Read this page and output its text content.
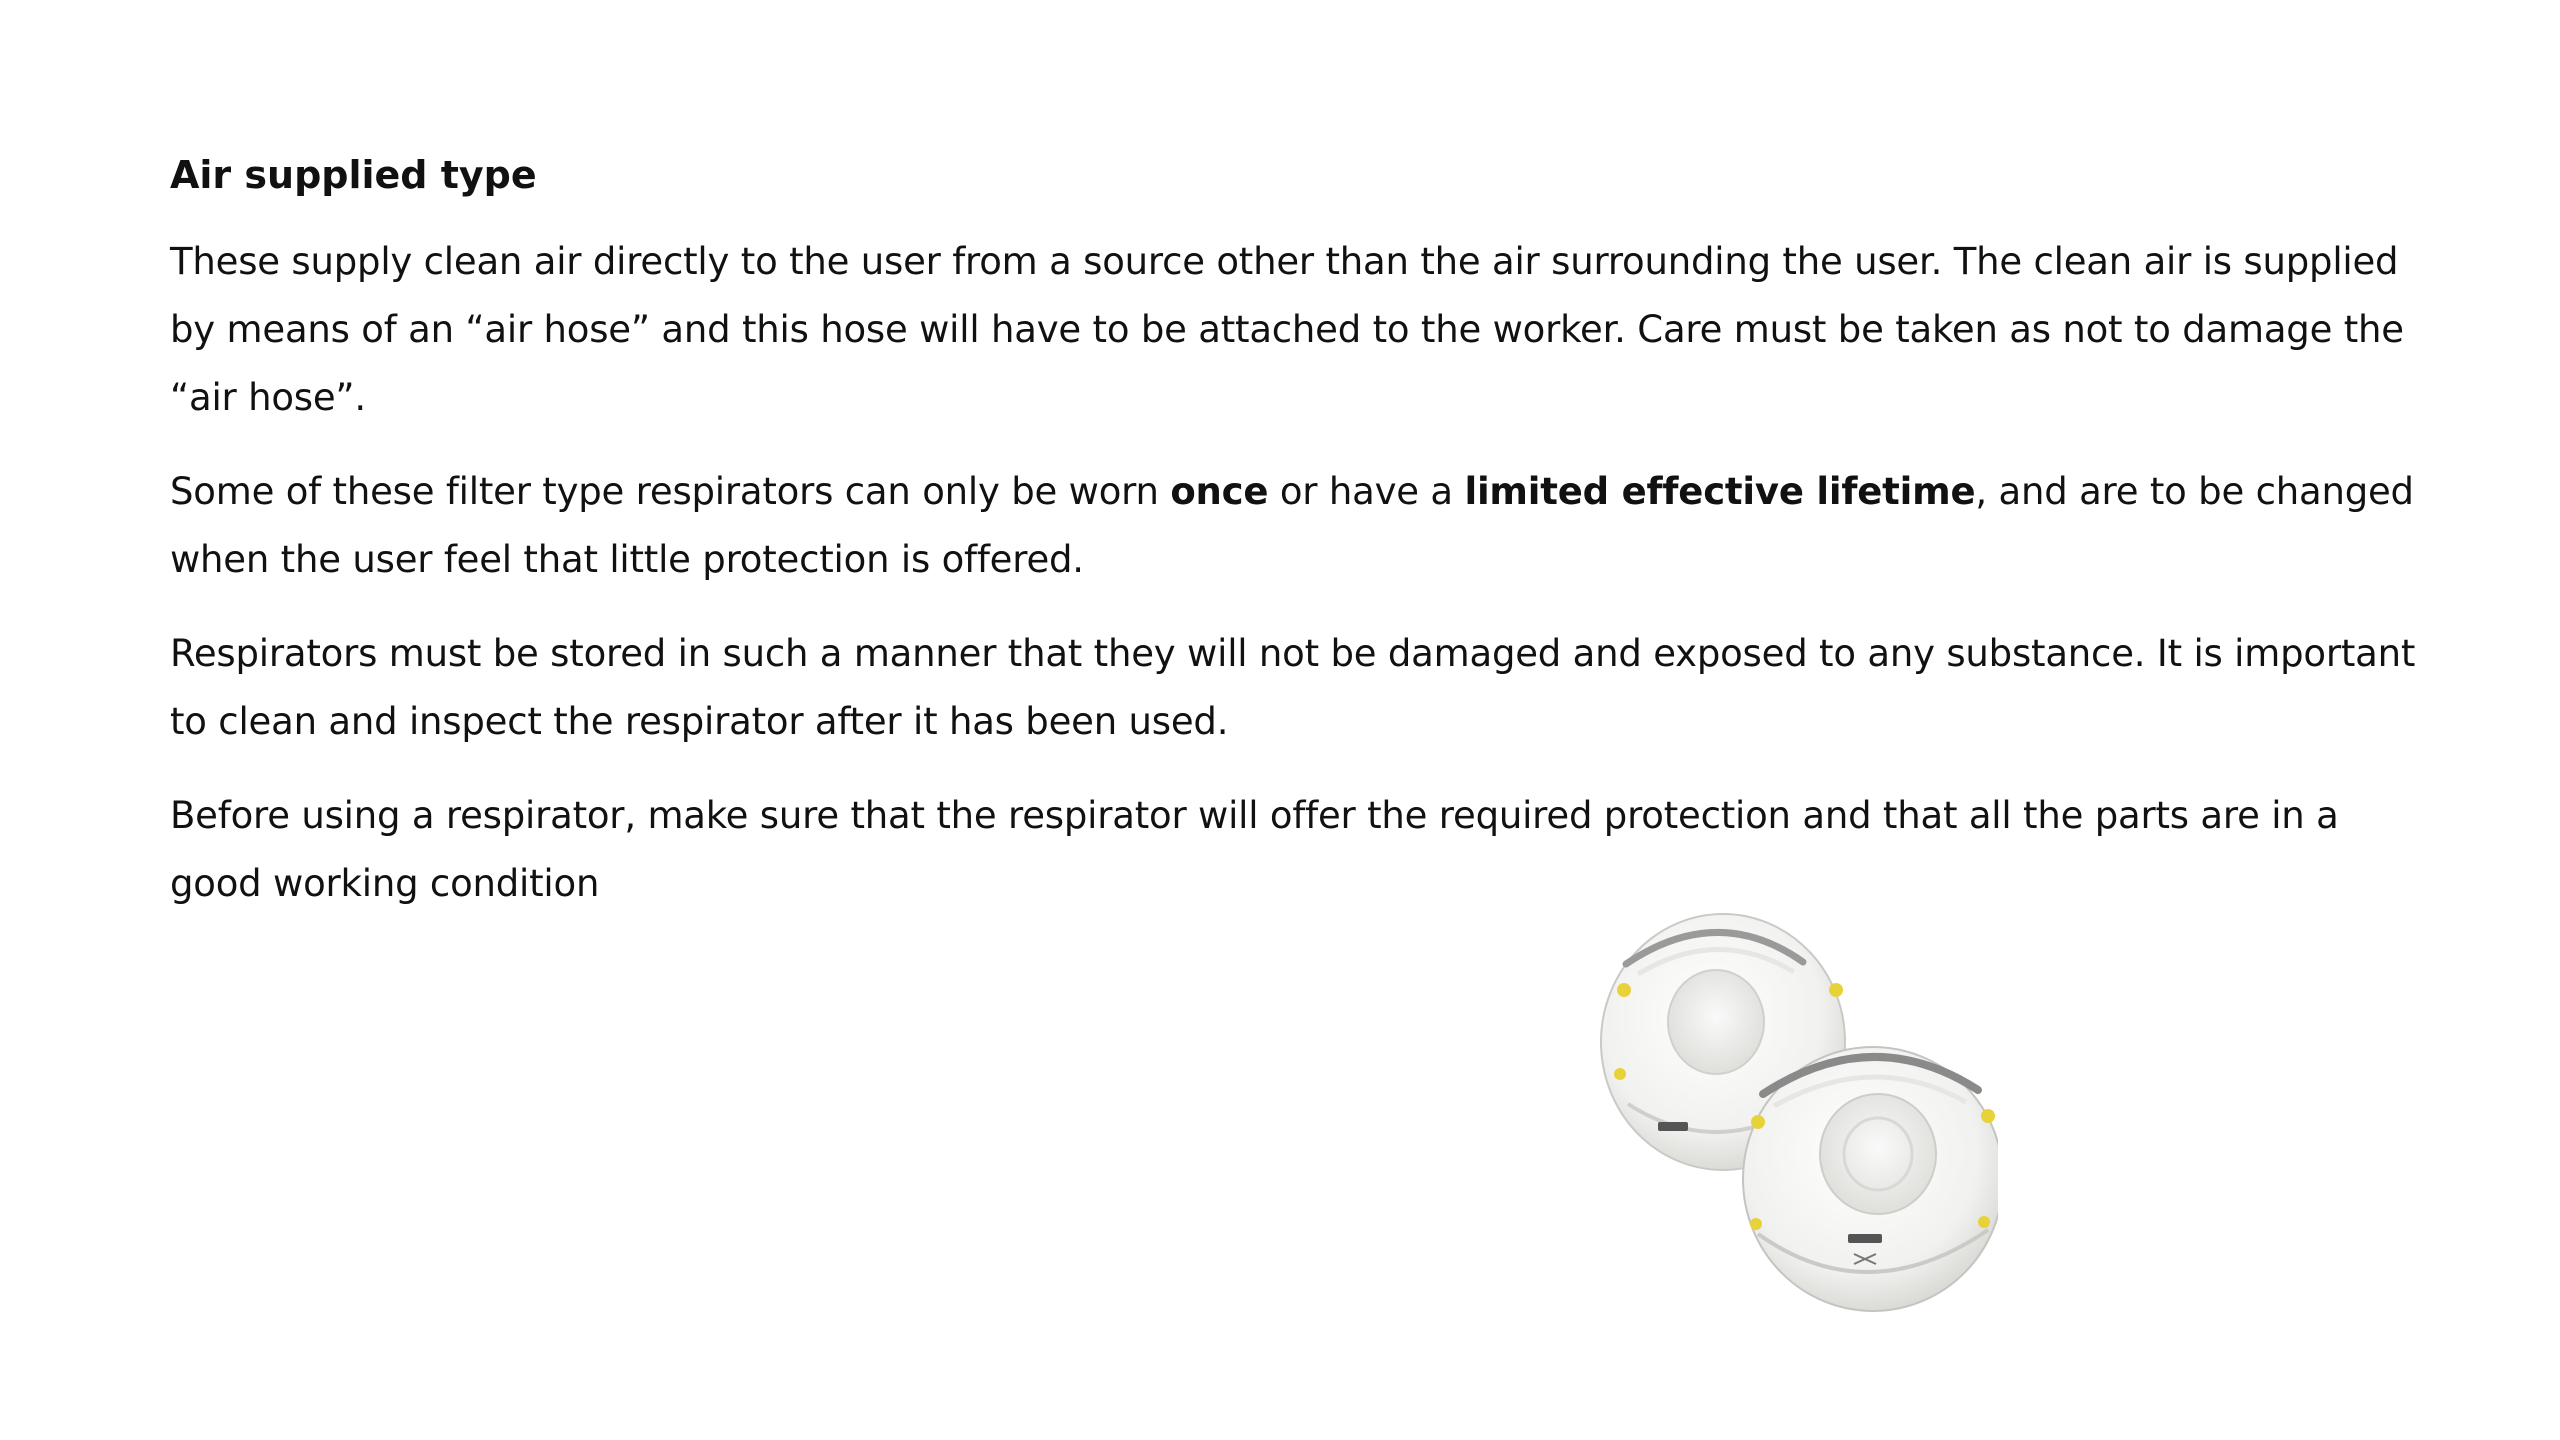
Air supplied type

These supply clean air directly to the user from a source other than the air surrounding the user. The clean air is supplied by means of an “air hose” and this hose will have to be attached to the worker. Care must be taken as not to damage the “air hose”.

Some of these filter type respirators can only be worn once or have a limited effective lifetime, and are to be changed when the user feel that little protection is offered.

Respirators must be stored in such a manner that they will not be damaged and exposed to any substance. It is important to clean and inspect the respirator after it has been used.

Before using a respirator, make sure that the respirator will offer the required protection and that all the parts are in a good working condition
